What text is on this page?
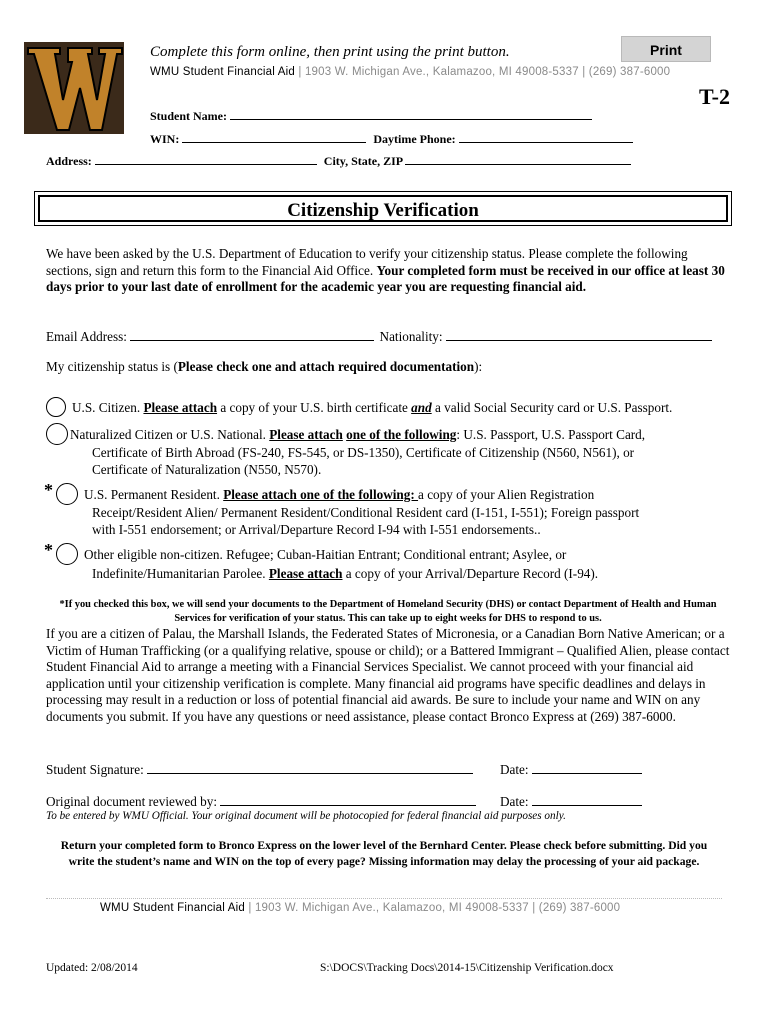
Print
Complete this form online, then print using the print button.
WMU Student Financial Aid | 1903 W. Michigan Ave., Kalamazoo, MI 49008-5337 | (269) 387-6000
T-2
Student Name:
WIN:	Daytime Phone:
Address:	City, State, ZIP
Citizenship Verification
We have been asked by the U.S. Department of Education to verify your citizenship status. Please complete the following sections, sign and return this form to the Financial Aid Office. Your completed form must be received in our office at least 30 days prior to your last date of enrollment for the academic year you are requesting financial aid.
Email Address:	Nationality:
My citizenship status is (Please check one and attach required documentation):
U.S. Citizen. Please attach a copy of your U.S. birth certificate and a valid Social Security card or U.S. Passport.
Naturalized Citizen or U.S. National. Please attach one of the following: U.S. Passport, U.S. Passport Card,
Certificate of Birth Abroad (FS-240, FS-545, or DS-1350), Certificate of Citizenship (N560, N561), or
Certificate of Naturalization (N550, N570).
* U.S. Permanent Resident. Please attach one of the following: a copy of your Alien Registration
Receipt/Resident Alien/ Permanent Resident/Conditional Resident card (I-151, I-551); Foreign passport
with I-551 endorsement; or Arrival/Departure Record I-94 with I-551 endorsements..
* Other eligible non-citizen. Refugee; Cuban-Haitian Entrant; Conditional entrant; Asylee, or
Indefinite/Humanitarian Parolee. Please attach a copy of your Arrival/Departure Record (I-94).
*If you checked this box, we will send your documents to the Department of Homeland Security (DHS) or contact Department of Health and Human Services for verification of your status. This can take up to eight weeks for DHS to respond to us.
If you are a citizen of Palau, the Marshall Islands, the Federated States of Micronesia, or a Canadian Born Native American; or a Victim of Human Trafficking (or a qualifying relative, spouse or child); or a Battered Immigrant – Qualified Alien, please contact Student Financial Aid to arrange a meeting with a Financial Services Specialist. We cannot proceed with your financial aid application until your citizenship verification is complete. Many financial aid programs have specific deadlines and delays in processing may result in a reduction or loss of potential financial aid awards. Be sure to include your name and WIN on any documents you submit. If you have any questions or need assistance, please contact Bronco Express at (269) 387-6000.
Student Signature:	Date:
Original document reviewed by:	Date:
To be entered by WMU Official. Your original document will be photocopied for federal financial aid purposes only.
Return your completed form to Bronco Express on the lower level of the Bernhard Center. Please check before submitting. Did you write the student’s name and WIN on the top of every page? Missing information may delay the processing of your aid package.
WMU Student Financial Aid | 1903 W. Michigan Ave., Kalamazoo, MI 49008-5337 | (269) 387-6000
Updated: 2/08/2014	S:\DOCS\Tracking Docs\2014-15\Citizenship Verification.docx
